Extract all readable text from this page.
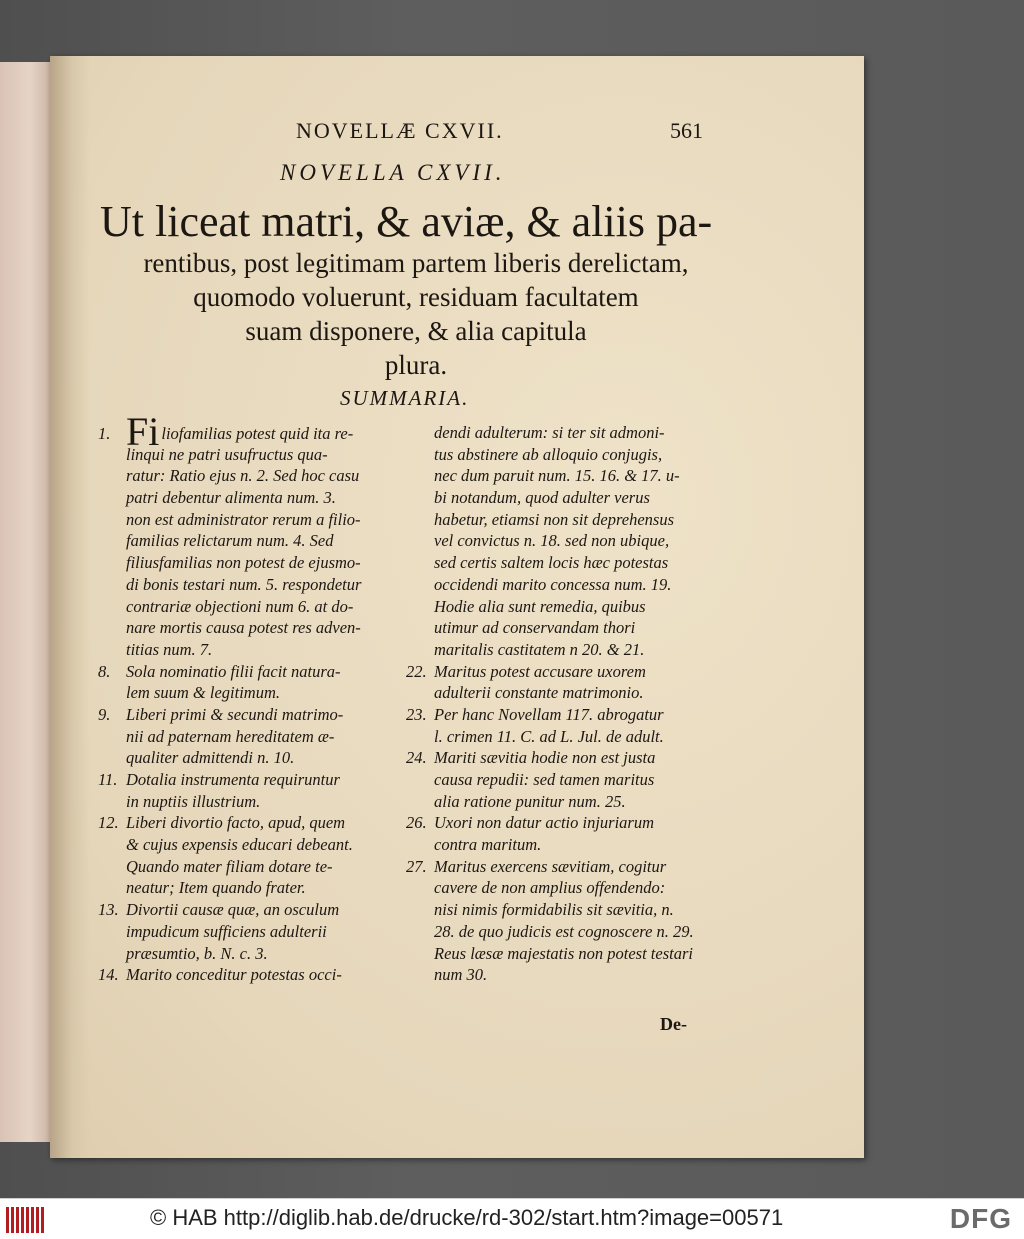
NOVELLÆ CXVII.	561
NOVELLA CXVII.
Ut liceat matri, & aviæ, & aliis pa-
rentibus, post legitimam partem liberis derelictam,
quomodo voluerunt, residuam facultatem
suam disponere, & alia capitula
plura.
SUMMARIA.
1. Fi liofamilias potest quid ita re-
linqui ne patri usufructus qua-
ratur: Ratio ejus n. 2. Sed hoc casu
patri debentur alimenta num. 3.
non est administrator rerum a filio-
familias relictarum num. 4. Sed
filiusfamilias non potest de ejusmo-
di bonis testari num. 5. respondetur
contrariæ objectioni num 6. at do-
nare mortis causa potest res adven-
titias num. 7.
8. Sola nominatio filii facit natura-
lem suum & legitimum.
9. Liberi primi & secundi matrimo-
nii ad paternam hereditatem æ-
qualiter admittendi n. 10.
11. Dotalia instrumenta requiruntur
in nuptiis illustrium.
12. Liberi divortio facto, apud, quem
& cujus expensis educari debeant.
Quando mater filiam dotare te-
neatur; Item quando frater.
13. Divortii causæ quæ, an osculum
impudicum sufficiens adulterii
præsumtio, b. N. c. 3.
14. Marito conceditur potestas occi-
dendi adulterum: si ter sit admoni-
tus abstinere ab alloquio conjugis,
nec dum paruit num. 15. 16. & 17. u-
bi notandum, quod adulter verus
habetur, etiamsi non sit deprehensus
vel convictus n. 18. sed non ubique,
sed certis saltem locis hæc potestas
occidendi marito concessa num. 19.
Hodie alia sunt remedia, quibus
utimur ad conservandam thori
maritalis castitatem n 20. & 21.
22. Maritus potest accusare uxorem
adulterii constante matrimonio.
23. Per hanc Novellam 117. abrogatur
l. crimen 11. C. ad L. Jul. de adult.
24. Mariti sævitia hodie non est justa
causa repudii: sed tamen maritus
alia ratione punitur num. 25.
26. Uxori non datur actio injuriarum
contra maritum.
27. Maritus exercens sævitiam, cogitur
cavere de non amplius offendendo:
nisi nimis formidabilis sit sævitia, n.
28. de quo judicis est cognoscere n. 29.
Reus læsæ majestatis non potest testari
num 30.
De-
© HAB http://diglib.hab.de/drucke/rd-302/start.htm?image=00571	DFG
